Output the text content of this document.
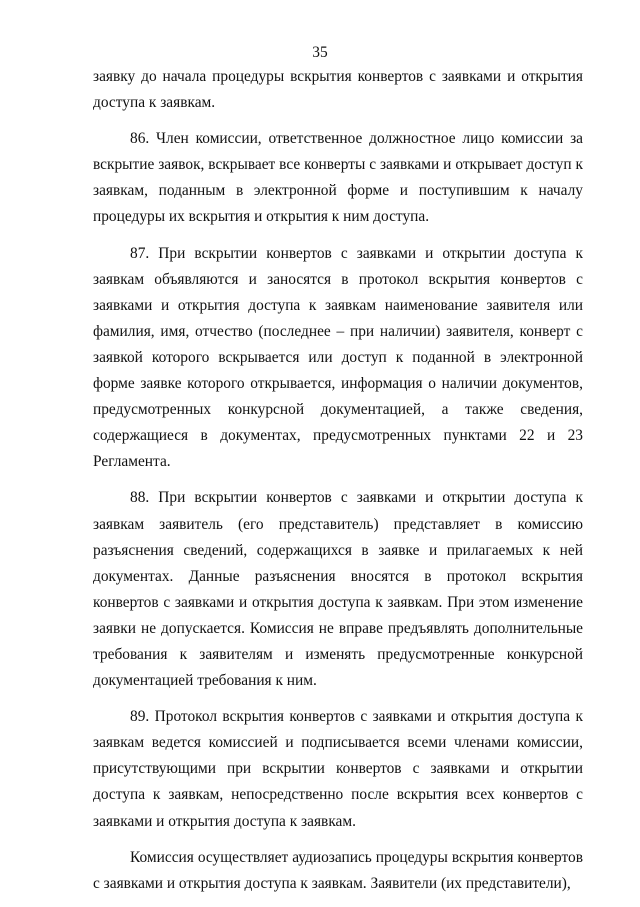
35

заявку до начала процедуры вскрытия конвертов с заявками и открытия доступа к заявкам.

86. Член комиссии, ответственное должностное лицо комиссии за вскрытие заявок, вскрывает все конверты с заявками и открывает доступ к заявкам, поданным в электронной форме и поступившим к началу процедуры их вскрытия и открытия к ним доступа.

87. При вскрытии конвертов с заявками и открытии доступа к заявкам объявляются и заносятся в протокол вскрытия конвертов с заявками и открытия доступа к заявкам наименование заявителя или фамилия, имя, отчество (последнее – при наличии) заявителя, конверт с заявкой которого вскрывается или доступ к поданной в электронной форме заявке которого открывается, информация о наличии документов, предусмотренных конкурсной документацией, а также сведения, содержащиеся в документах, предусмотренных пунктами 22 и 23 Регламента.

88. При вскрытии конвертов с заявками и открытии доступа к заявкам заявитель (его представитель) представляет в комиссию разъяснения сведений, содержащихся в заявке и прилагаемых к ней документах. Данные разъяснения вносятся в протокол вскрытия конвертов с заявками и открытия доступа к заявкам. При этом изменение заявки не допускается. Комиссия не вправе предъявлять дополнительные требования к заявителям и изменять предусмотренные конкурсной документацией требования к ним.

89. Протокол вскрытия конвертов с заявками и открытия доступа к заявкам ведется комиссией и подписывается всеми членами комиссии, присутствующими при вскрытии конвертов с заявками и открытии доступа к заявкам, непосредственно после вскрытия всех конвертов с заявками и открытия доступа к заявкам.

Комиссия осуществляет аудиозапись процедуры вскрытия конвертов с заявками и открытия доступа к заявкам. Заявители (их представители),
